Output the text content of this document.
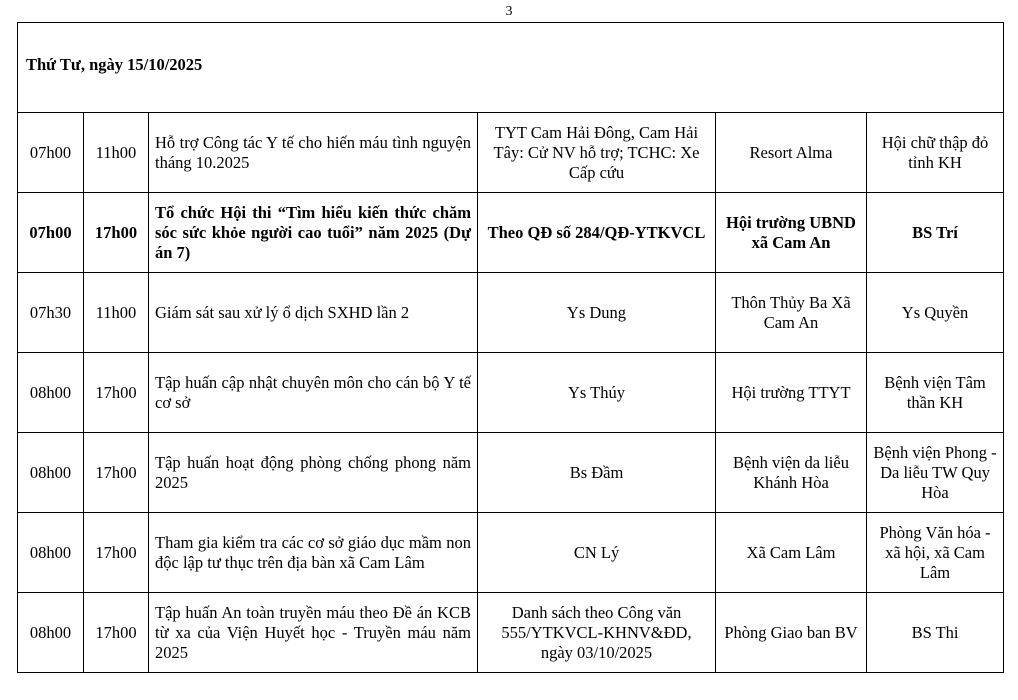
3
Thứ Tư, ngày 15/10/2025					
07h00	11h00	Hỗ trợ Công tác Y tế cho hiến máu tình nguyện tháng 10.2025	TYT Cam Hải Đông, Cam Hải Tây: Cử NV hỗ trợ; TCHC: Xe Cấp cứu	Resort Alma	Hội chữ thập đỏ tỉnh KH
07h00	17h00	Tổ chức Hội thi “Tìm hiểu kiến thức chăm sóc sức khỏe người cao tuổi” năm 2025 (Dự án 7)	Theo QĐ số 284/QĐ-YTKVCL	Hội trường UBND xã Cam An	BS Trí
07h30	11h00	Giám sát sau xử lý ổ dịch SXHD lần 2	Ys Dung	Thôn Thủy Ba Xã Cam An	Ys Quyền
08h00	17h00	Tập huấn cập nhật chuyên môn cho cán bộ Y tế cơ sở	Ys Thúy	Hội trường TTYT	Bệnh viện Tâm thần KH
08h00	17h00	Tập huấn hoạt động phòng chống phong năm 2025	Bs Đầm	Bệnh viện da liễu Khánh Hòa	Bệnh viện Phong - Da liễu TW Quy Hòa
08h00	17h00	Tham gia kiểm tra các cơ sở giáo dục mầm non độc lập tư thục trên địa bàn xã Cam Lâm	CN Lý	Xã Cam Lâm	Phòng Văn hóa - xã hội, xã Cam Lâm
08h00	17h00	Tập huấn An toàn truyền máu theo Đề án KCB từ xa của Viện Huyết học - Truyền máu năm 2025	Danh sách theo Công văn 555/YTKVCL-KHNV&ĐD, ngày 03/10/2025	Phòng Giao ban BV	BS Thi
